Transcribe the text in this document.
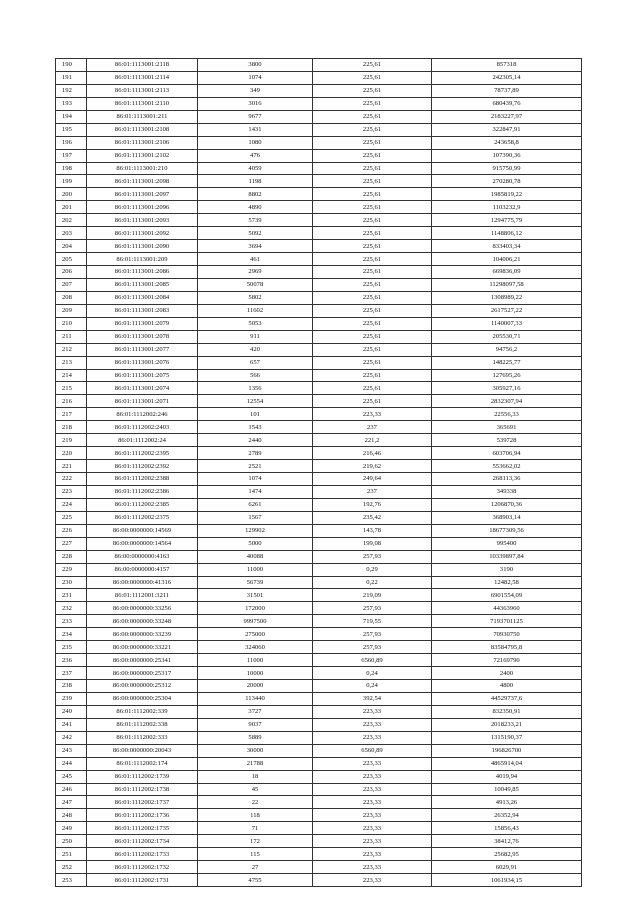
190	86:01:1113001:2118	3800	225,61	857318
191	86:01:1113001:2114	1074	225,61	242305,14
192	86:01:1113001:2113	349	225,61	78737,89
193	86:01:1113001:2110	3016	225,61	680439,76
194	86:01:1113001:211	9677	225,61	2183227,97
195	86:01:1113001:2108	1431	225,61	322847,91
196	86:01:1113001:2106	1080	225,61	243658,8
197	86:01:1113001:2102	476	225,61	107390,36
198	86:01:1113001:210	4059	225,61	915750,99
199	86:01:1113001:2098	1198	225,61	270280,78
200	86:01:1113001:2097	8802	225,61	1985819,22
201	86:01:1113001:2096	4890	225,61	1103232,9
202	86:01:1113001:2093	5739	225,61	1294775,79
203	86:01:1113001:2092	5092	225,61	1148806,12
204	86:01:1113001:2090	3694	225,61	833403,34
205	86:01:1113001:209	461	225,61	104006,21
206	86:01:1113001:2086	2969	225,61	669836,09
207	86:01:1113001:2085	50078	225,61	11298097,58
208	86:01:1113001:2084	5802	225,61	1308989,22
209	86:01:1113001:2083	11602	225,61	2617527,22
210	86:01:1113001:2079	5053	225,61	1140007,33
211	86:01:1113001:2078	911	225,61	205530,71
212	86:01:1113001:2077	420	225,61	94756,2
213	86:01:1113001:2076	657	225,61	148225,77
214	86:01:1113001:2075	566	225,61	127695,26
215	86:01:1113001:2074	1356	225,61	305927,16
216	86:01:1113001:2071	12554	225,61	2832307,94
217	86:01:1112002:246	101	223,33	22556,33
218	86:01:1112002:2403	1543	237	365691
219	86:01:1112002:24	2440	221,2	539728
220	86:01:1112002:2395	2789	216,46	603706,94
221	86:01:1112002:2392	2521	219,62	553662,02
222	86:01:1112002:2388	1074	249,64	268113,36
223	86:01:1112002:2386	1474	237	349338
224	86:01:1112002:2385	6261	192,76	1206870,36
225	86:01:1112002:2375	1567	235,42	368903,14
226	86:00:0000000:14569	129902	143,78	18677309,56
227	86:00:0000000:14564	5000	199,08	995400
228	86:00:0000000:4163	40088	257,93	10339897,84
229	86:00:0000000:4157	11000	0,29	3190
230	86:00:0000000:41316	56739	0,22	12482,58
231	86:01:1112001:3211	31501	219,09	6901554,09
232	86:00:0000000:33256	172000	257,93	44363960
233	86:00:0000000:33248	9997500	719,55	7193701125
234	86:00:0000000:33239	275000	257,93	70930750
235	86:00:0000000:33221	324060	257,93	83584795,8
236	86:00:0000000:25341	11000	6560,89	72169790
237	86:00:0000000:25317	10000	0,24	2400
238	86:00:0000000:25312	20000	0,24	4800
239	86:00:0000000:25304	113440	392,54	44529737,6
240	86:01:1112002:339	3727	223,33	832350,91
241	86:01:1112002:338	9037	223,33	2018233,21
242	86:01:1112002:333	5889	223,33	1315190,37
243	86:00:0000000:20043	30000	6560,89	196826700
244	86:01:1112002:174	21788	223,33	4865914,04
245	86:01:1112002:1739	18	223,33	4019,94
246	86:01:1112002:1738	45	223,33	10049,85
247	86:01:1112002:1737	22	223,33	4913,26
248	86:01:1112002:1736	118	223,33	26352,94
249	86:01:1112002:1735	71	223,33	15856,43
250	86:01:1112002:1734	172	223,33	38412,76
251	86:01:1112002:1733	115	223,33	25682,95
252	86:01:1112002:1732	27	223,33	6029,91
253	86:01:1112002:1731	4755	223,33	1061934,15
